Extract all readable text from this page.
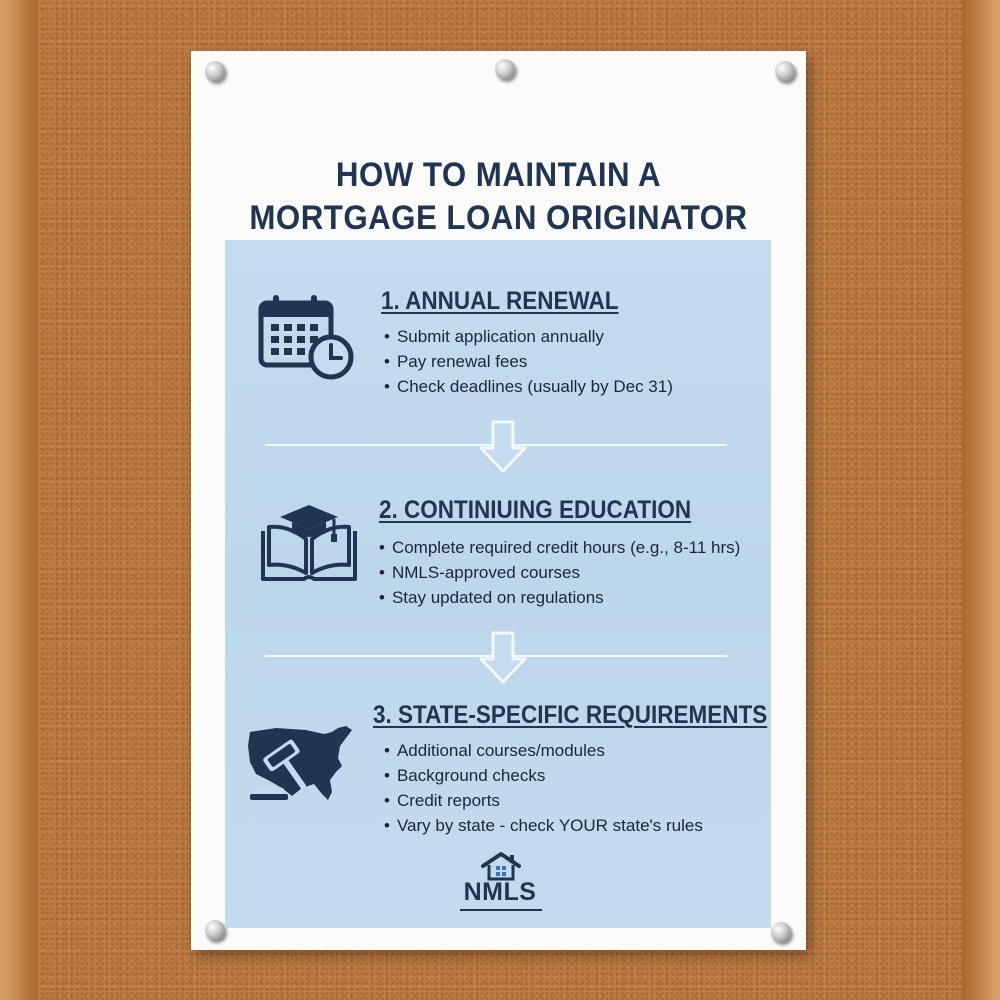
HOW TO MAINTAIN A
MORTGAGE LOAN ORIGINATOR
1. ANNUAL RENEWAL
• Submit application annually
• Pay renewal fees
• Check deadlines (usually by Dec 31)
2. CONTINIUING EDUCATION
• Complete required credit hours (e.g., 8-11 hrs)
• NMLS-approved courses
• Stay updated on regulations
3. STATE-SPECIFIC REQUIREMENTS
• Additional courses/modules
• Background checks
• Credit reports
• Vary by state - check YOUR state's rules
NMLS
